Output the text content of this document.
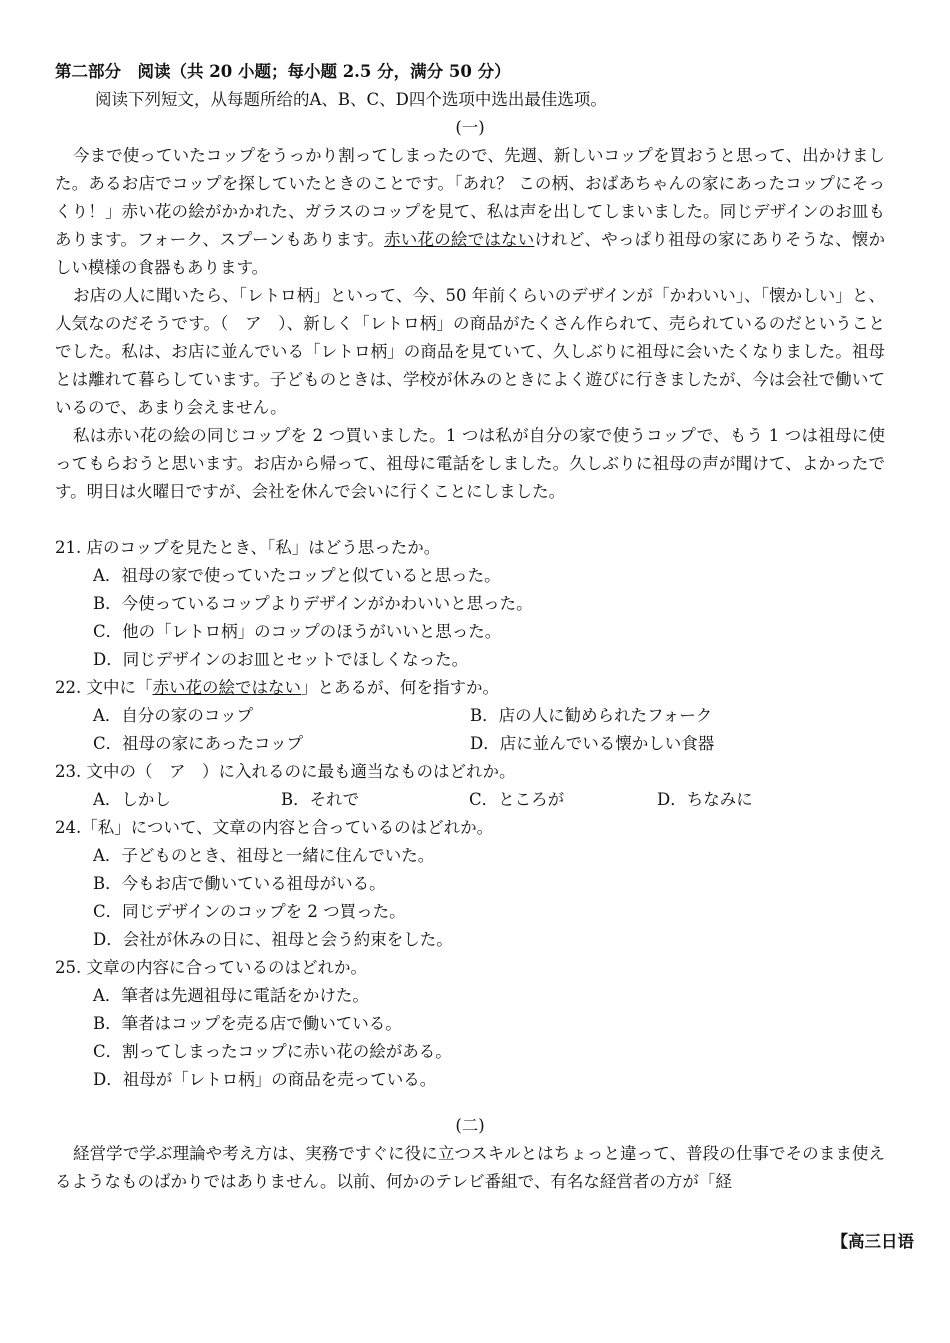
第二部分　阅读（共 20 小题；每小题 2.5 分，满分 50 分）

阅读下列短文，从每题所给的A、B、C、D四个选项中选出最佳选项。

(一)

今まで使っていたコップをうっかり割ってしまったので、先週、新しいコップを買おうと思って、出かけました。あるお店でコップを探していたときのことです。「あれ？ この柄、おばあちゃんの家にあったコップにそっくり！」赤い花の絵がかかれた、ガラスのコップを見て、私は声を出してしまいました。同じデザインのお皿もあります。フォーク、スプーンもあります。赤い花の絵ではないけれど、やっぱり祖母の家にありそうな、懐かしい模様の食器もあります。

お店の人に聞いたら、「レトロ柄」といって、今、50 年前くらいのデザインが「かわいい」、「懐かしい」と、人気なのだそうです。（　ア　）、新しく「レトロ柄」の商品がたくさん作られて、売られているのだということでした。私は、お店に並んでいる「レトロ柄」の商品を見ていて、久しぶりに祖母に会いたくなりました。祖母とは離れて暮らしています。子どものときは、学校が休みのときによく遊びに行きましたが、今は会社で働いているので、あまり会えません。

私は赤い花の絵の同じコップを 2 つ買いました。1 つは私が自分の家で使うコップで、もう 1 つは祖母に使ってもらおうと思います。お店から帰って、祖母に電話をしました。久しぶりに祖母の声が聞けて、よかったです。明日は火曜日ですが、会社を休んで会いに行くことにしました。

21. 店のコップを見たとき、「私」はどう思ったか。

A．祖母の家で使っていたコップと似ていると思った。

B．今使っているコップよりデザインがかわいいと思った。

C．他の「レトロ柄」のコップのほうがいいと思った。

D．同じデザインのお皿とセットでほしくなった。

22. 文中に「赤い花の絵ではない」とあるが、何を指すか。

A．自分の家のコップ	B．店の人に勧められたフォーク

C．祖母の家にあったコップ	D．店に並んでいる懐かしい食器

23. 文中の（　ア　）に入れるのに最も適当なものはどれか。

A．しかし	B．それで	C．ところが	D．ちなみに

24.「私」について、文章の内容と合っているのはどれか。

A．子どものとき、祖母と一緒に住んでいた。

B．今もお店で働いている祖母がいる。

C．同じデザインのコップを 2 つ買った。

D．会社が休みの日に、祖母と会う約束をした。

25. 文章の内容に合っているのはどれか。

A．筆者は先週祖母に電話をかけた。

B．筆者はコップを売る店で働いている。

C．割ってしまったコップに赤い花の絵がある。

D．祖母が「レトロ柄」の商品を売っている。

(二)

経営学で学ぶ理論や考え方は、実務ですぐに役に立つスキルとはちょっと違って、普段の仕事でそのまま使えるようなものばかりではありません。以前、何かのテレビ番組で、有名な経営者の方が「経

【高三日语
